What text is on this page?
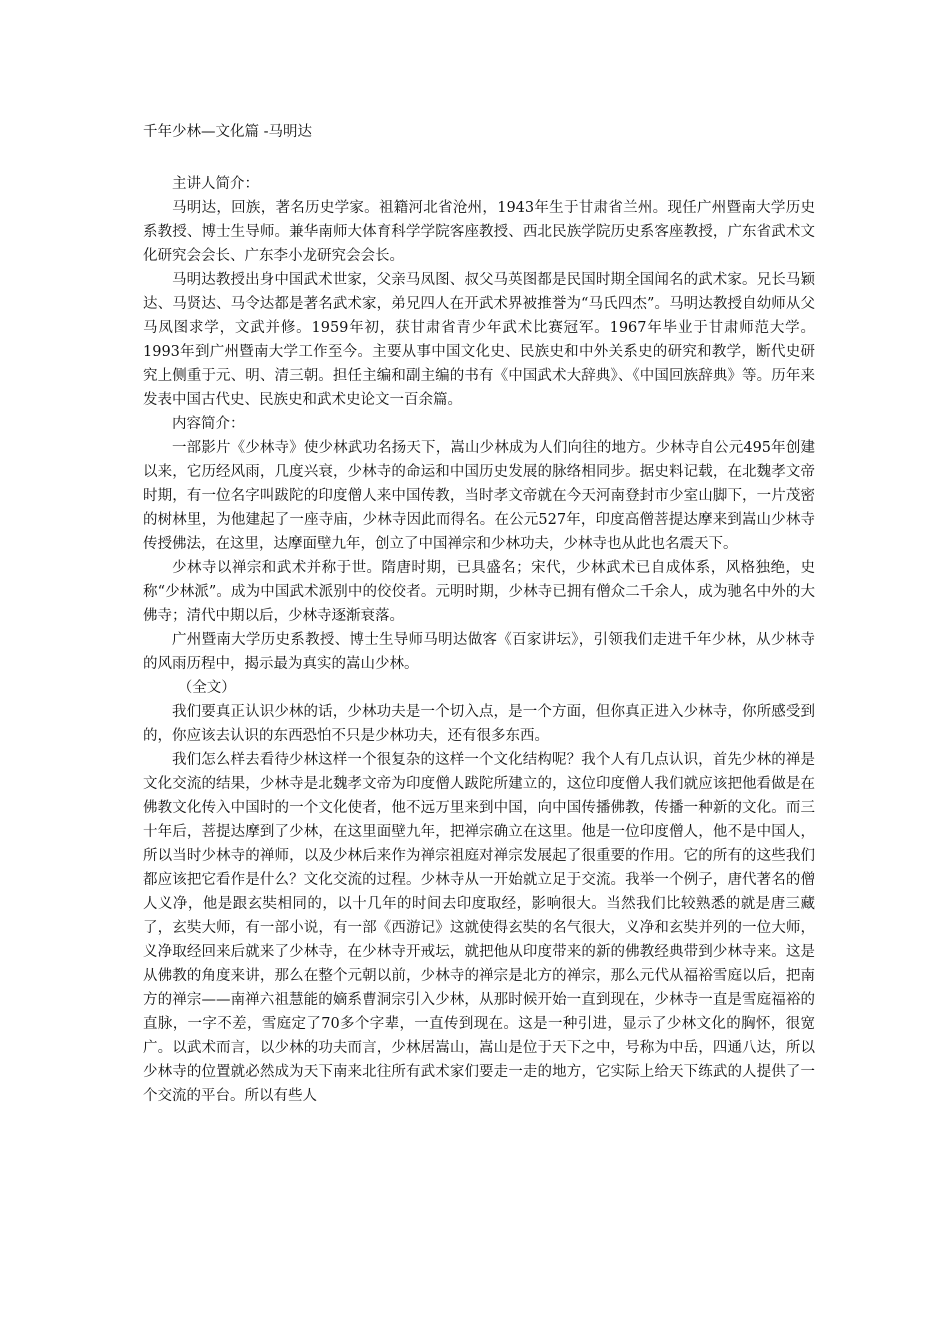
千年少林—文化篇 -马明达

主讲人简介：

马明达，回族，著名历史学家。祖籍河北省沧州，1943年生于甘肃省兰州。现任广州暨南大学历史系教授、博士生导师。兼华南师大体育科学学院客座教授、西北民族学院历史系客座教授，广东省武术文化研究会会长、广东李小龙研究会会长。

马明达教授出身中国武术世家，父亲马凤图、叔父马英图都是民国时期全国闻名的武术家。兄长马颖达、马贤达、马令达都是著名武术家，弟兄四人在开武术界被推誉为“马氏四杰”。马明达教授自幼师从父马凤图求学，文武并修。1959年初，获甘肃省青少年武术比赛冠军。1967年毕业于甘肃师范大学。1993年到广州暨南大学工作至今。主要从事中国文化史、民族史和中外关系史的研究和教学，断代史研究上侧重于元、明、清三朝。担任主编和副主编的书有《中国武术大辞典》、《中国回族辞典》等。历年来发表中国古代史、民族史和武术史论文一百余篇。

内容简介：

一部影片《少林寺》使少林武功名扬天下，嵩山少林成为人们向往的地方。少林寺自公元495年创建以来，它历经风雨，几度兴衰，少林寺的命运和中国历史发展的脉络相同步。据史料记载，在北魏孝文帝时期，有一位名字叫跋陀的印度僧人来中国传教，当时孝文帝就在今天河南登封市少室山脚下，一片茂密的树林里，为他建起了一座寺庙，少林寺因此而得名。在公元527年，印度高僧菩提达摩来到嵩山少林寺传授佛法，在这里，达摩面壁九年，创立了中国禅宗和少林功夫，少林寺也从此也名震天下。

少林寺以禅宗和武术并称于世。隋唐时期，已具盛名；宋代，少林武术已自成体系，风格独绝，史称“少林派”。成为中国武术派别中的佼佼者。元明时期，少林寺已拥有僧众二千余人，成为驰名中外的大佛寺；清代中期以后，少林寺逐渐衰落。

广州暨南大学历史系教授、博士生导师马明达做客《百家讲坛》，引领我们走进千年少林，从少林寺的风雨历程中，揭示最为真实的嵩山少林。

（全文）

我们要真正认识少林的话，少林功夫是一个切入点，是一个方面，但你真正进入少林寺，你所感受到的，你应该去认识的东西恐怕不只是少林功夫，还有很多东西。

我们怎么样去看待少林这样一个很复杂的这样一个文化结构呢？我个人有几点认识，首先少林的禅是文化交流的结果，少林寺是北魏孝文帝为印度僧人跋陀所建立的，这位印度僧人我们就应该把他看做是在佛教文化传入中国时的一个文化使者，他不远万里来到中国，向中国传播佛教，传播一种新的文化。而三十年后，菩提达摩到了少林，在这里面壁九年，把禅宗确立在这里。他是一位印度僧人，他不是中国人，所以当时少林寺的禅师，以及少林后来作为禅宗祖庭对禅宗发展起了很重要的作用。它的所有的这些我们都应该把它看作是什么？文化交流的过程。少林寺从一开始就立足于交流。我举一个例子，唐代著名的僧人义净，他是跟玄奘相同的，以十几年的时间去印度取经，影响很大。当然我们比较熟悉的就是唐三藏了，玄奘大师，有一部小说，有一部《西游记》这就使得玄奘的名气很大，义净和玄奘并列的一位大师，义净取经回来后就来了少林寺，在少林寺开戒坛，就把他从印度带来的新的佛教经典带到少林寺来。这是从佛教的角度来讲，那么在整个元朝以前，少林寺的禅宗是北方的禅宗，那么元代从福裕雪庭以后，把南方的禅宗——南禅六祖慧能的嫡系曹洞宗引入少林，从那时候开始一直到现在，少林寺一直是雪庭福裕的直脉，一字不差，雪庭定了70多个字辈，一直传到现在。这是一种引进，显示了少林文化的胸怀，很宽广。以武术而言，以少林的功夫而言，少林居嵩山，嵩山是位于天下之中，号称为中岳，四通八达，所以少林寺的位置就必然成为天下南来北往所有武术家们要走一走的地方，它实际上给天下练武的人提供了一个交流的平台。所以有些人
